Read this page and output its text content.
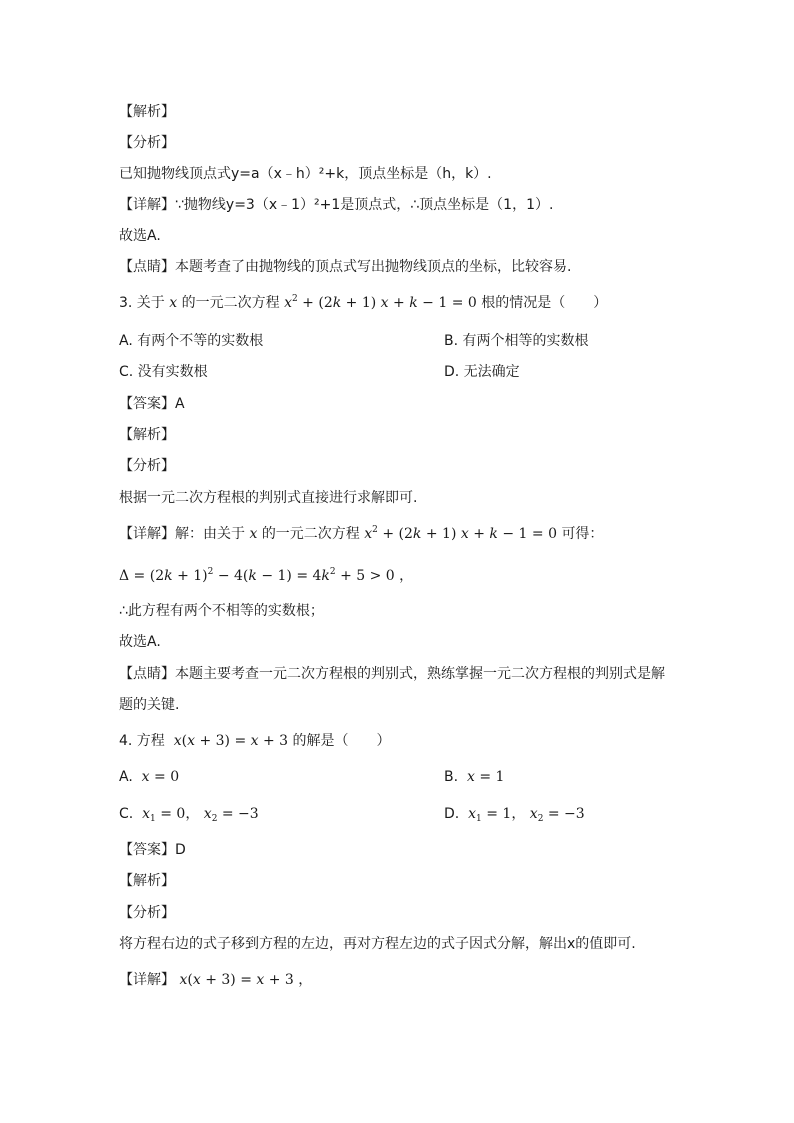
【解析】
【分析】
已知抛物线顶点式y=a（x﹣h）²+k，顶点坐标是（h，k）.
【详解】∵抛物线y=3（x﹣1）²+1是顶点式，∴顶点坐标是（1，1）.
故选A.
【点睛】本题考查了由抛物线的顶点式写出抛物线顶点的坐标，比较容易.
3. 关于 x 的一元二次方程 $x^2 + (2k + 1) x + k - 1 = 0$ 根的情况是（　　）
A. 有两个不等的实数根	B. 有两个相等的实数根
C. 没有实数根	D. 无法确定
【答案】A
【解析】
【分析】
根据一元二次方程根的判别式直接进行求解即可.
【详解】解：由关于 x 的一元二次方程 $x^2 + (2k + 1) x + k - 1 = 0$ 可得：
$\Delta = (2k + 1)^2 - 4(k - 1) = 4k^2 + 5 > 0$ ，
∴此方程有两个不相等的实数根；
故选A.
【点睛】本题主要考查一元二次方程根的判别式，熟练掌握一元二次方程根的判别式是解
题的关键.
4. 方程  x(x + 3) = x + 3 的解是（　　）
A.  x = 0	B.  x = 1
C.  $x_1 = 0$， $x_2 = -3$	D.  $x_1 = 1$， $x_2 = -3$
【答案】D
【解析】
【分析】
将方程右边的式子移到方程的左边，再对方程左边的式子因式分解，解出x的值即可.
【详解】 x(x + 3) = x + 3 ，
